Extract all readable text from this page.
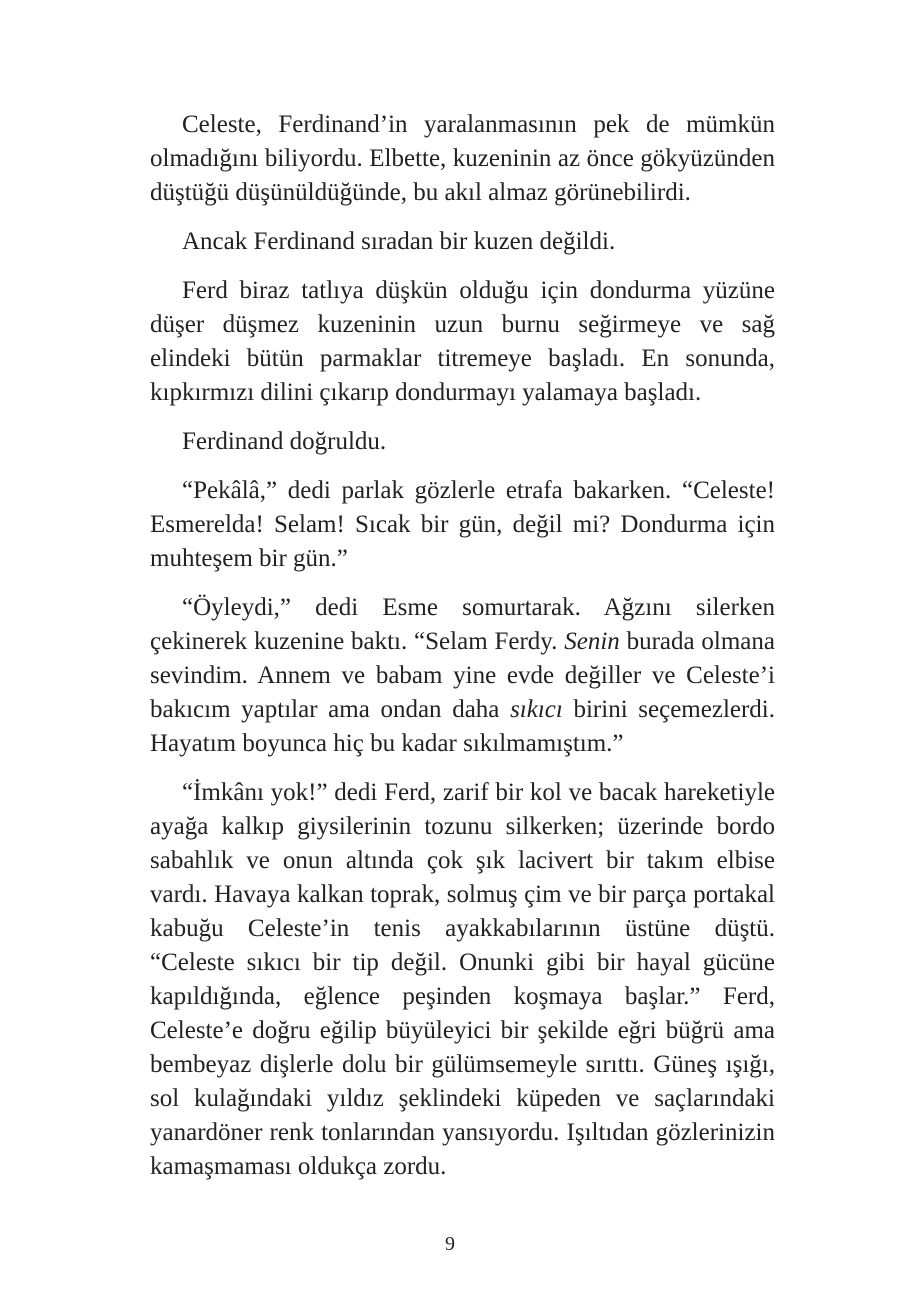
Celeste, Ferdinand’in yaralanmasının pek de mümkün olmadığını biliyordu. Elbette, kuzeninin az önce gökyüzünden düştüğü düşünüldüğünde, bu akıl almaz görünebilirdi.

Ancak Ferdinand sıradan bir kuzen değildi.

Ferd biraz tatlıya düşkün olduğu için dondurma yüzüne düşer düşmez kuzeninin uzun burnu seğirmeye ve sağ elindeki bütün parmaklar titremeye başladı. En sonunda, kıpkırmızı dilini çıkarıp dondurmayı yalamaya başladı.

Ferdinand doğruldu.

“Pekâlâ,” dedi parlak gözlerle etrafa bakarken. “Celeste! Esmerelda! Selam! Sıcak bir gün, değil mi? Dondurma için muhteşem bir gün.”

“Öyleydi,” dedi Esme somurtarak. Ağzını silerken çekinerek kuzenine baktı. “Selam Ferdy. Senin burada olmana sevindim. Annem ve babam yine evde değiller ve Celeste’i bakıcım yaptılar ama ondan daha sıkıcı birini seçemezlerdi. Hayatım boyunca hiç bu kadar sıkılmamıştım.”

“İmkânı yok!” dedi Ferd, zarif bir kol ve bacak hareketiyle ayağa kalkıp giysilerinin tozunu silkerken; üzerinde bordo sabahlık ve onun altında çok şık lacivert bir takım elbise vardı. Havaya kalkan toprak, solmuş çim ve bir parça portakal kabuğu Celeste’in tenis ayakkabılarının üstüne düştü. “Celeste sıkıcı bir tip değil. Onunki gibi bir hayal gücüne kapıldığında, eğlence peşinden koşmaya başlar.” Ferd, Celeste’e doğru eğilip büyüleyici bir şekilde eğri büğrü ama bembeyaz dişlerle dolu bir gülümsemeyle sırıttı. Güneş ışığı, sol kulağındaki yıldız şeklindeki küpeden ve saçlarındaki yanardöner renk tonlarından yansıyordu. Işıltıdan gözlerinizin kamaşmaması oldukça zordu.

9
